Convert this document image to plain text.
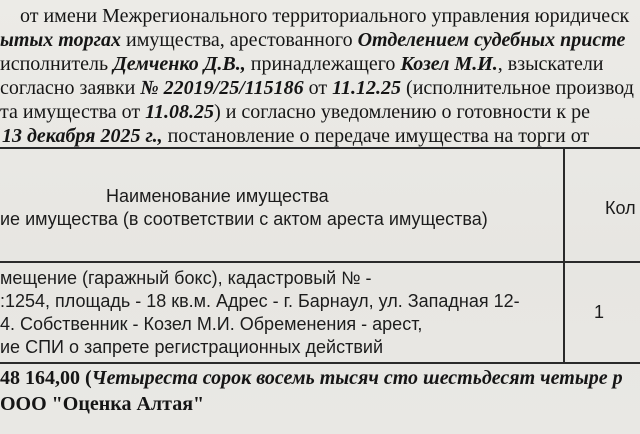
от имени Межрегионального территориального управления юридическ
ытых торгах имущества, арестованного Отделением судебных присте
исполнитель Демченко Д.В., принадлежащего Козел М.И., взыскатели
согласно заявки № 22019/25/115186 от 11.12.25 (исполнительное производ
та имущества от 11.08.25) и согласно уведомлению о готовности к ре
13 декабря 2025 г., постановление о передаче имущества на торги от
Наименование имущества
ие имущества (в соответствии с актом ареста имущества)
Кол
мещение (гаражный бокс), кадастровый № -
:1254, площадь - 18 кв.м. Адрес - г. Барнаул, ул. Западная 12-
4. Собственник - Козел М.И. Обременения - арест,
ие СПИ о запрете регистрационных действий
1
48 164,00 (Четыреста сорок восемь тысяч сто шестьдесят четыре р
ООО "Оценка Алтая"
